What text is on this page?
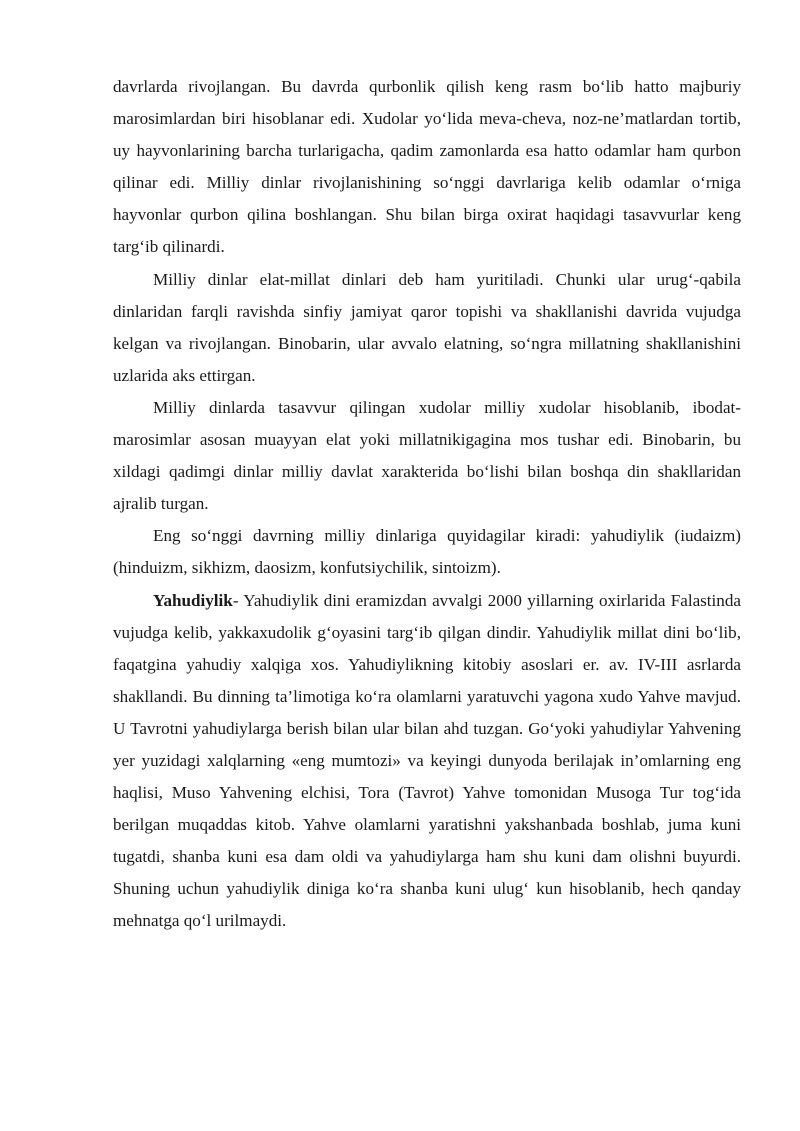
davrlarda rivojlangan. Bu davrda qurbonlik qilish keng rasm bo‘lib hatto majburiy marosimlardan biri hisoblanar edi. Xudolar yo‘lida meva-cheva, noz-ne’matlardan tortib, uy hayvonlarining barcha turlarigacha, qadim zamonlarda esa hatto odamlar ham qurbon qilinar edi. Milliy dinlar rivojlanishining so‘nggi davrlariga kelib odamlar o‘rniga hayvonlar qurbon qilina boshlangan. Shu bilan birga oxirat haqidagi tasavvurlar keng targ‘ib qilinardi.

Milliy dinlar elat-millat dinlari deb ham yuritiladi. Chunki ular urug‘-qabila dinlaridan farqli ravishda sinfiy jamiyat qaror topishi va shakllanishi davrida vujudga kelgan va rivojlangan. Binobarin, ular avvalo elatning, so‘ngra millatning shakllanishini uzlarida aks ettirgan.

Milliy dinlarda tasavvur qilingan xudolar milliy xudolar hisoblanib, ibodat-marosimlar asosan muayyan elat yoki millatnikigagina mos tushar edi. Binobarin, bu xildagi qadimgi dinlar milliy davlat xarakterida bo‘lishi bilan boshqa din shakllaridan ajralib turgan.

Eng so‘nggi davrning milliy dinlariga quyidagilar kiradi: yahudiylik (iudaizm) (hinduizm, sikhizm, daosizm, konfutsiychilik, sintoizm).

Yahudiylik- Yahudiylik dini eramizdan avvalgi 2000 yillarning oxirlarida Falastinda vujudga kelib, yakkaxudolik g‘oyasini targ‘ib qilgan dindir. Yahudiylik millat dini bo‘lib, faqatgina yahudiy xalqiga xos. Yahudiylikning kitobiy asoslari er. av. IV-III asrlarda shakllandi. Bu dinning ta’limotiga ko‘ra olamlarni yaratuvchi yagona xudo Yahve mavjud. U Tavrotni yahudiylarga berish bilan ular bilan ahd tuzgan. Go‘yoki yahudiylar Yahvening yer yuzidagi xalqlarning «eng mumtozi» va keyingi dunyoda berilajak in’omlarning eng haqlisi, Muso Yahvening elchisi, Tora (Tavrot) Yahve tomonidan Musoga Tur tog‘ida berilgan muqaddas kitob. Yahve olamlarni yaratishni yakshanbada boshlab, juma kuni tugatdi, shanba kuni esa dam oldi va yahudiylarga ham shu kuni dam olishni buyurdi. Shuning uchun yahudiylik diniga ko‘ra shanba kuni ulug‘ kun hisoblanib, hech qanday mehnatga qo‘l urilmaydi.
